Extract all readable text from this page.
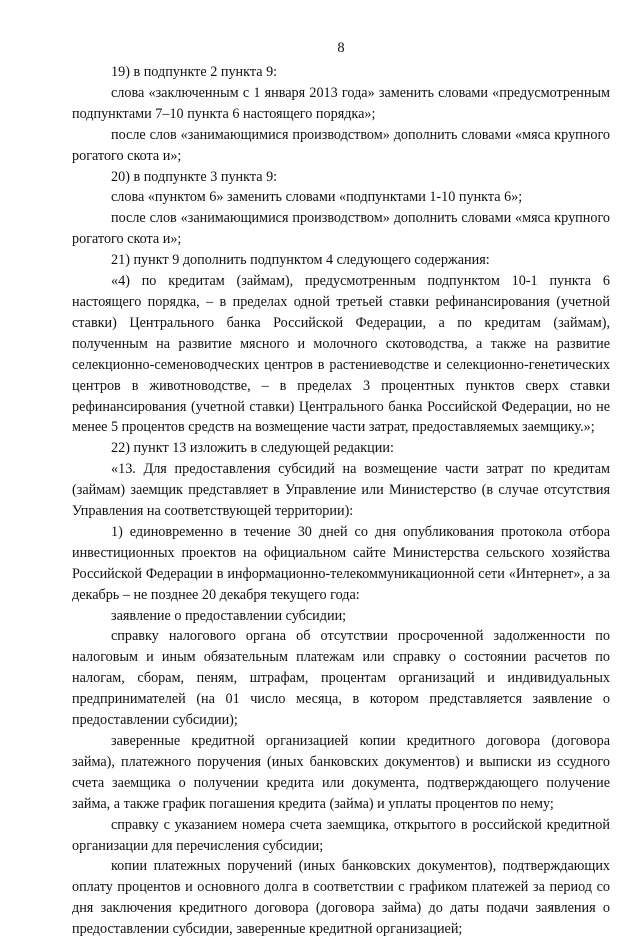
8

19) в подпункте 2 пункта 9:

слова «заключенным с 1 января 2013 года» заменить словами «предусмотренным подпунктами 7–10 пункта 6 настоящего порядка»;

после слов «занимающимися производством» дополнить словами «мяса крупного рогатого скота и»;

20) в подпункте 3 пункта 9:

слова «пунктом 6» заменить словами «подпунктами 1-10 пункта 6»;

после слов «занимающимися производством» дополнить словами «мяса крупного рогатого скота и»;

21) пункт 9 дополнить подпунктом 4 следующего содержания:

«4) по кредитам (займам), предусмотренным подпунктом 10-1 пункта 6 настоящего порядка, – в пределах одной третьей ставки рефинансирования (учетной ставки) Центрального банка Российской Федерации, а по кредитам (займам), полученным на развитие мясного и молочного скотоводства, а также на развитие селекционно-семеноводческих центров в растениеводстве и селекционно-генетических центров в животноводстве, – в пределах 3 процентных пунктов сверх ставки рефинансирования (учетной ставки) Центрального банка Российской Федерации, но не менее 5 процентов средств на возмещение части затрат, предоставляемых заемщику.»;

22) пункт 13 изложить в следующей редакции:

«13. Для предоставления субсидий на возмещение части затрат по кредитам (займам) заемщик представляет в Управление или Министерство (в случае отсутствия Управления на соответствующей территории):

1) единовременно в течение 30 дней со дня опубликования протокола отбора инвестиционных проектов на официальном сайте Министерства сельского хозяйства Российской Федерации в информационно-телекоммуникационной сети «Интернет», а за декабрь – не позднее 20 декабря текущего года:

заявление о предоставлении субсидии;

справку налогового органа об отсутствии просроченной задолженности по налоговым и иным обязательным платежам или справку о состоянии расчетов по налогам, сборам, пеням, штрафам, процентам организаций и индивидуальных предпринимателей (на 01 число месяца, в котором представляется заявление о предоставлении субсидии);

заверенные кредитной организацией копии кредитного договора (договора займа), платежного поручения (иных банковских документов) и выписки из ссудного счета заемщика о получении кредита или документа, подтверждающего получение займа, а также график погашения кредита (займа) и уплаты процентов по нему;

справку с указанием номера счета заемщика, открытого в российской кредитной организации для перечисления субсидии;

копии платежных поручений (иных банковских документов), подтверждающих оплату процентов и основного долга в соответствии с графиком платежей за период со дня заключения кредитного договора (договора займа) до даты подачи заявления о предоставлении субсидии, заверенные кредитной организацией;
